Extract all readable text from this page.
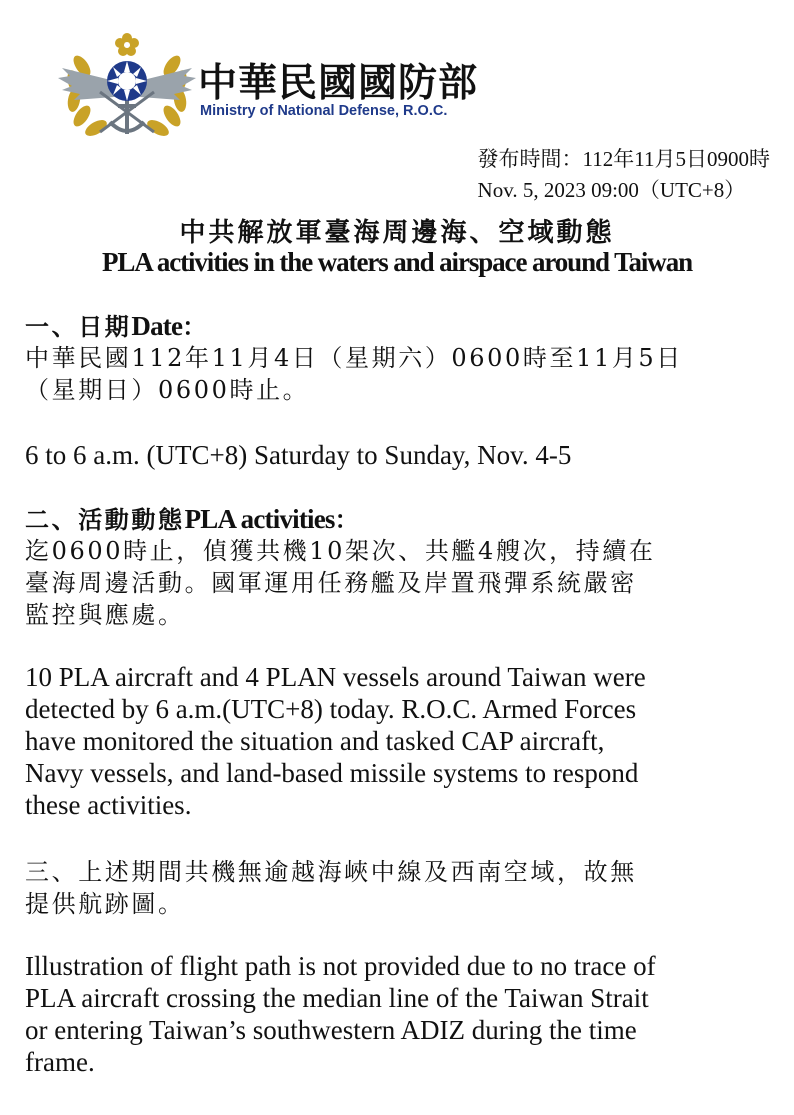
中華民國國防部
Ministry of National Defense, R.O.C.
發布時間：112年11月5日0900時
Nov. 5, 2023 09:00（UTC+8）
中共解放軍臺海周邊海、空域動態
PLA activities in the waters and airspace around Taiwan
一、日期Date：
中華民國112年11月4日（星期六）0600時至11月5日
（星期日）0600時止。
6 to 6 a.m. (UTC+8) Saturday to Sunday, Nov. 4-5
二、活動動態PLA activities：
迄0600時止，偵獲共機10架次、共艦4艘次，持續在
臺海周邊活動。國軍運用任務艦及岸置飛彈系統嚴密
監控與應處。
10 PLA aircraft and 4 PLAN vessels around Taiwan were
detected by 6 a.m.(UTC+8) today. R.O.C. Armed Forces
have monitored the situation and tasked CAP aircraft,
Navy vessels, and land-based missile systems to respond
these activities.
三、上述期間共機無逾越海峽中線及西南空域，故無
提供航跡圖。
Illustration of flight path is not provided due to no trace of
PLA aircraft crossing the median line of the Taiwan Strait
or entering Taiwan’s southwestern ADIZ during the time
frame.
